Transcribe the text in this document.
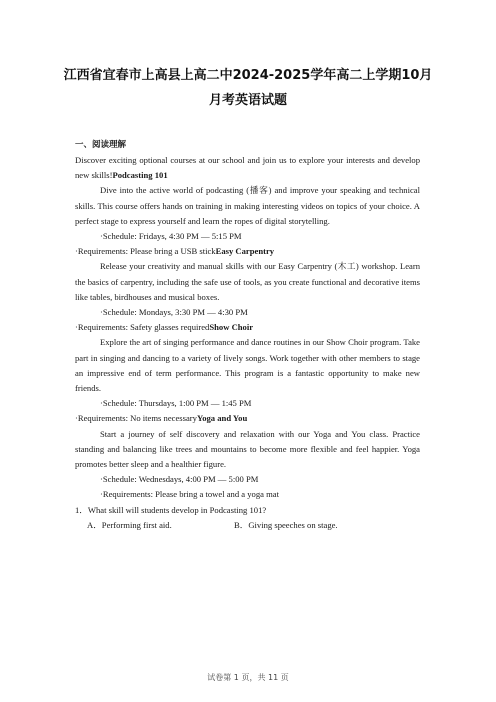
江西省宜春市上高县上高二中2024-2025学年高二上学期10月
月考英语试题
一、阅读理解

Discover exciting optional courses at our school and join us to explore your interests and develop new skills!Podcasting 101

Dive into the active world of podcasting (播客) and improve your speaking and technical skills. This course offers hands on training in making interesting videos on topics of your choice. A perfect stage to express yourself and learn the ropes of digital storytelling.

·Schedule: Fridays, 4:30 PM — 5:15 PM

·Requirements: Please bring a USB stickEasy Carpentry

Release your creativity and manual skills with our Easy Carpentry (木工) workshop. Learn the basics of carpentry, including the safe use of tools, as you create functional and decorative items like tables, birdhouses and musical boxes.

·Schedule: Mondays, 3:30 PM — 4:30 PM

·Requirements: Safety glasses requiredShow Choir

Explore the art of singing performance and dance routines in our Show Choir program. Take part in singing and dancing to a variety of lively songs. Work together with other members to stage an impressive end of term performance. This program is a fantastic opportunity to make new friends.

·Schedule: Thursdays, 1:00 PM — 1:45 PM

·Requirements: No items necessaryYoga and You

Start a journey of self discovery and relaxation with our Yoga and You class. Practice standing and balancing like trees and mountains to become more flexible and feel happier. Yoga promotes better sleep and a healthier figure.

·Schedule: Wednesdays, 4:00 PM — 5:00 PM

·Requirements: Please bring a towel and a yoga mat

1．What skill will students develop in Podcasting 101?

A．Performing first aid.	B．Giving speeches on stage.

试卷第 1 页，共 11 页
